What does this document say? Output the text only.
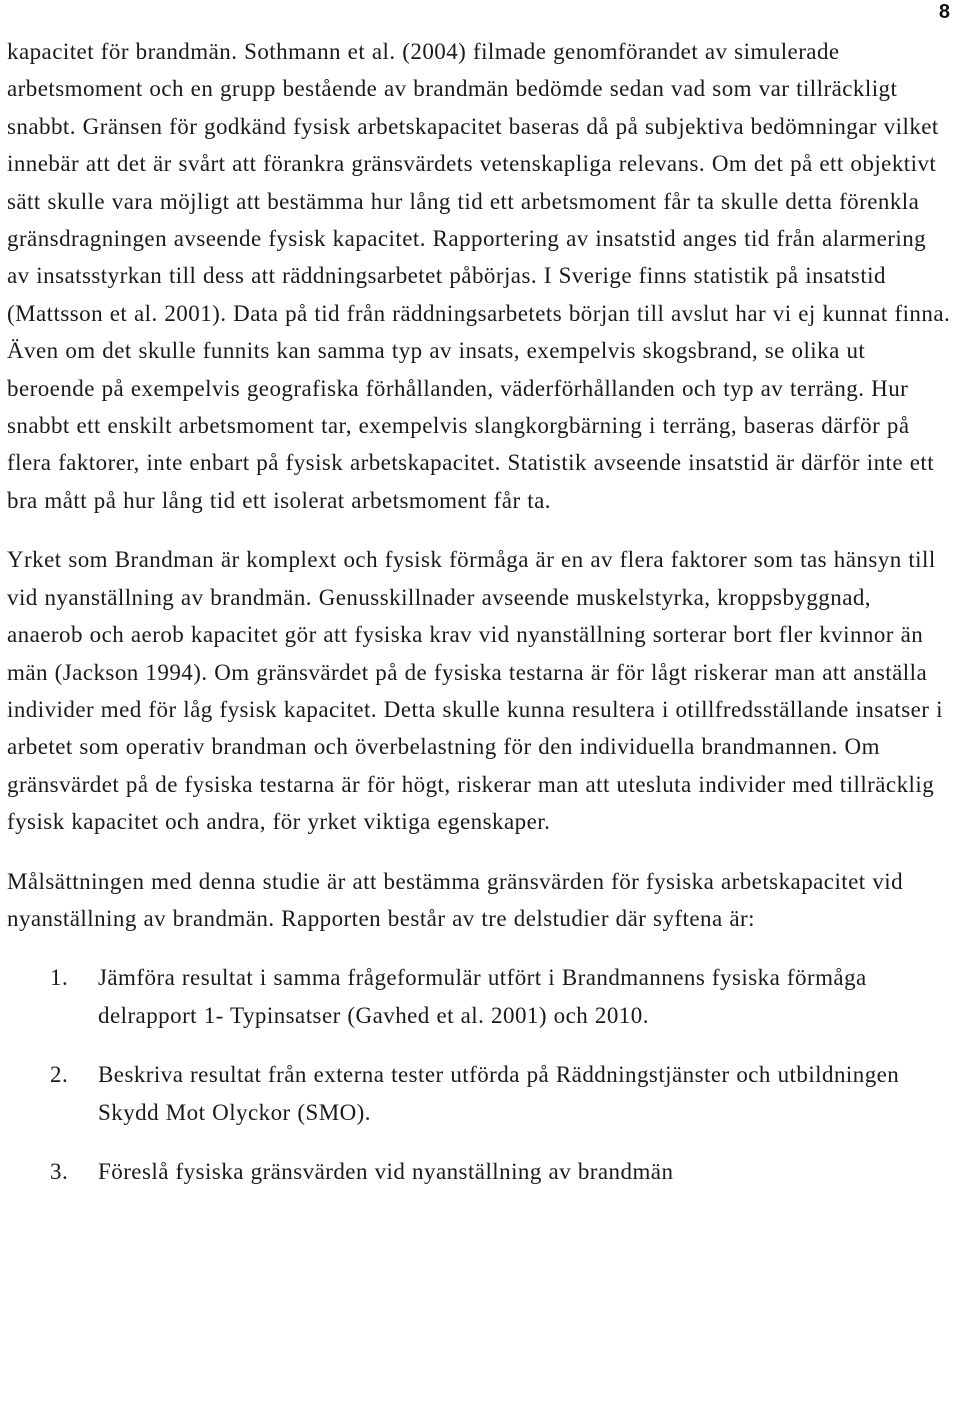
8

kapacitet för brandmän. Sothmann et al. (2004) filmade genomförandet av simulerade arbetsmoment och en grupp bestående av brandmän bedömde sedan vad som var tillräckligt snabbt. Gränsen för godkänd fysisk arbetskapacitet baseras då på subjektiva bedömningar vilket innebär att det är svårt att förankra gränsvärdets vetenskapliga relevans. Om det på ett objektivt sätt skulle vara möjligt att bestämma hur lång tid ett arbetsmoment får ta skulle detta förenkla gränsdragningen avseende fysisk kapacitet. Rapportering av insatstid anges tid från alarmering av insatsstyrkan till dess att räddningsarbetet påbörjas. I Sverige finns statistik på insatstid (Mattsson et al. 2001). Data på tid från räddningsarbetets början till avslut har vi ej kunnat finna. Även om det skulle funnits kan samma typ av insats, exempelvis skogsbrand, se olika ut beroende på exempelvis geografiska förhållanden, väderförhållanden och typ av terräng. Hur snabbt ett enskilt arbetsmoment tar, exempelvis slangkorgbärning i terräng, baseras därför på flera faktorer, inte enbart på fysisk arbetskapacitet. Statistik avseende insatstid är därför inte ett bra mått på hur lång tid ett isolerat arbetsmoment får ta.

Yrket som Brandman är komplext och fysisk förmåga är en av flera faktorer som tas hänsyn till vid nyanställning av brandmän. Genusskillnader avseende muskelstyrka, kroppsbyggnad, anaerob och aerob kapacitet gör att fysiska krav vid nyanställning sorterar bort fler kvinnor än män (Jackson 1994). Om gränsvärdet på de fysiska testarna är för lågt riskerar man att anställa individer med för låg fysisk kapacitet. Detta skulle kunna resultera i otillfredsställande insatser i arbetet som operativ brandman och överbelastning för den individuella brandmannen. Om gränsvärdet på de fysiska testarna är för högt, riskerar man att utesluta individer med tillräcklig fysisk kapacitet och andra, för yrket viktiga egenskaper.

Målsättningen med denna studie är att bestämma gränsvärden för fysiska arbetskapacitet vid nyanställning av brandmän. Rapporten består av tre delstudier där syftena är:

1. Jämföra resultat i samma frågeformulär utfört i Brandmannens fysiska förmåga delrapport 1- Typinsatser (Gavhed et al. 2001) och 2010.
2. Beskriva resultat från externa tester utförda på Räddningstjänster och utbildningen Skydd Mot Olyckor (SMO).
3. Föreslå fysiska gränsvärden vid nyanställning av brandmän
